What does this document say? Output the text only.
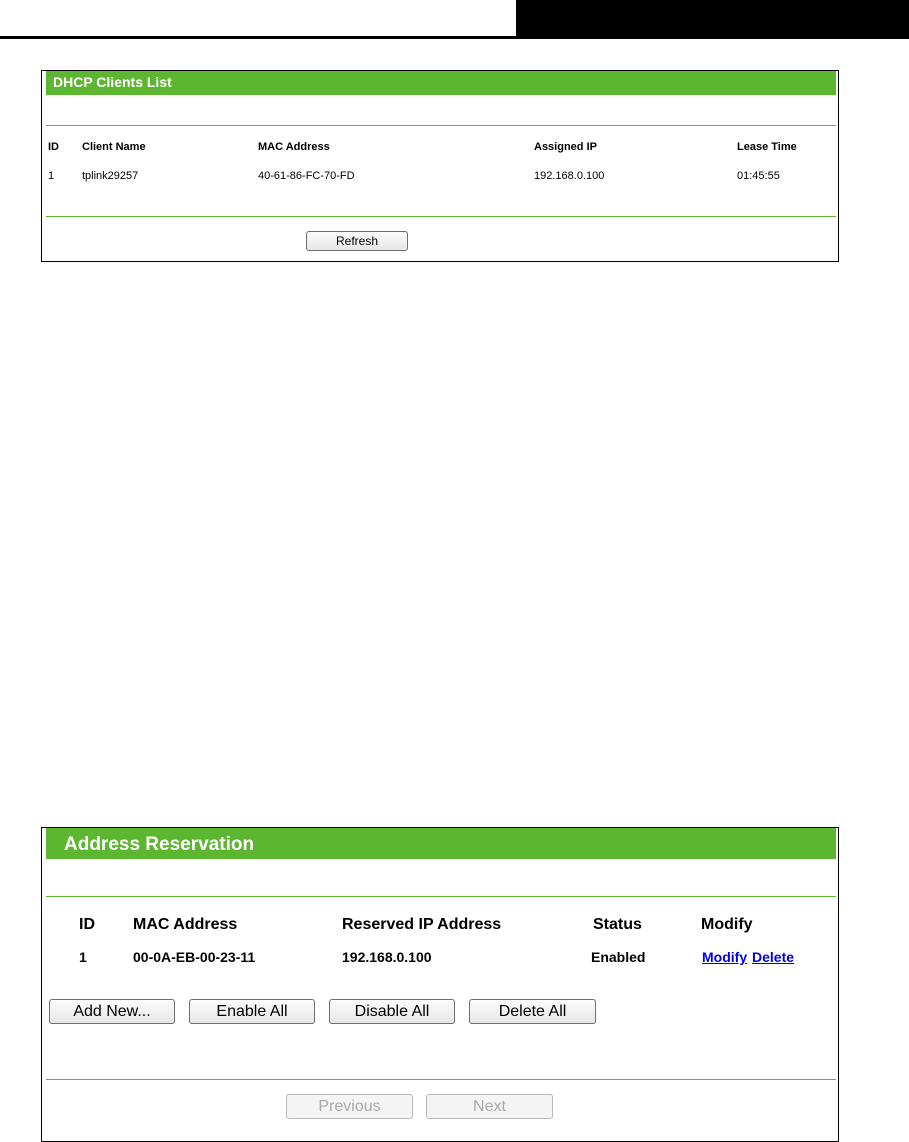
DHCP Clients List
ID Client Name	MAC Address	Assigned IP	Lease Time
1	tplink29257	40-61-86-FC-70-FD	192.168.0.100	01:45:55
Refresh
Address Reservation
ID MAC Address	Reserved IP Address	Status	Modify
1	00-0A-EB-00-23-11	192.168.0.100	Enabled	Modify Delete
Add New...	Enable All	Disable All	Delete All
Previous	Next
